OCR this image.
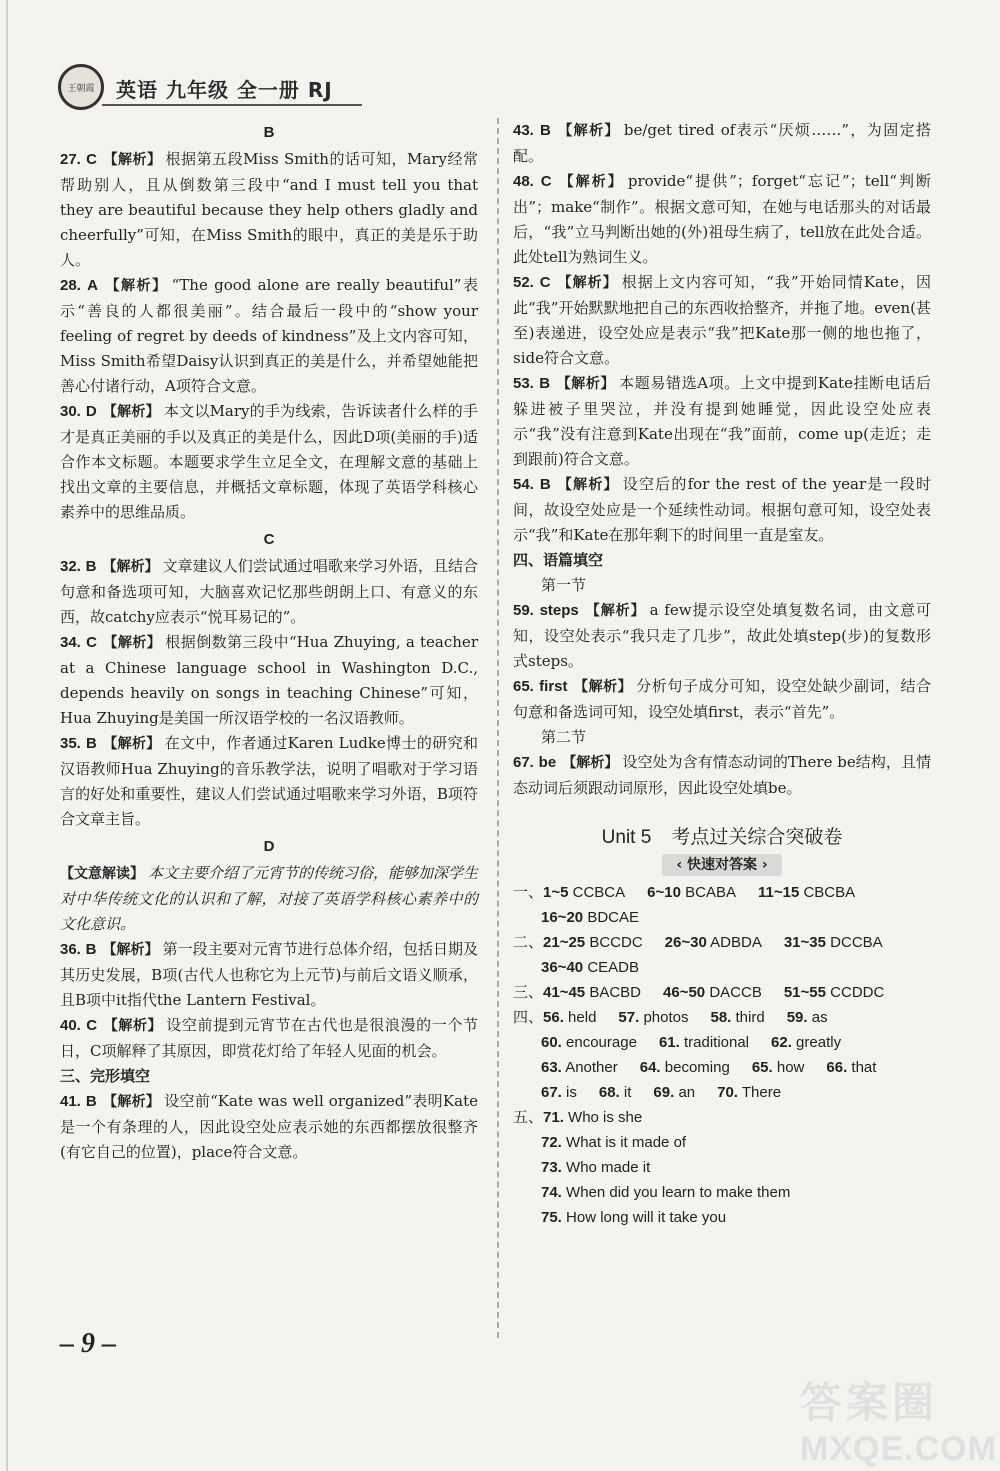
王朝霞 英语 九年级 全一册 RJ
B
27. C 【解析】 根据第五段Miss Smith的话可知，Mary经常帮助别人，且从倒数第三段中“and I must tell you that they are beautiful because they help others gladly and cheerfully”可知，在Miss Smith的眼中，真正的美是乐于助人。
28. A 【解析】 “The good alone are really beautiful”表示“善良的人都很美丽”。结合最后一段中的“show your feeling of regret by deeds of kindness”及上文内容可知，Miss Smith希望Daisy认识到真正的美是什么，并希望她能把善心付诸行动，A项符合文意。
30. D 【解析】 本文以Mary的手为线索，告诉读者什么样的手才是真正美丽的手以及真正的美是什么，因此D项(美丽的手)适合作本文标题。本题要求学生立足全文，在理解文意的基础上找出文章的主要信息，并概括文章标题，体现了英语学科核心素养中的思维品质。
C
32. B 【解析】 文章建议人们尝试通过唱歌来学习外语，且结合句意和备选项可知，大脑喜欢记忆那些朗朗上口、有意义的东西，故catchy应表示“悦耳易记的”。
34. C 【解析】 根据倒数第三段中“Hua Zhuying, a teacher at a Chinese language school in Washington D.C., depends heavily on songs in teaching Chinese”可知，Hua Zhuying是美国一所汉语学校的一名汉语教师。
35. B 【解析】 在文中，作者通过Karen Ludke博士的研究和汉语教师Hua Zhuying的音乐教学法，说明了唱歌对于学习语言的好处和重要性，建议人们尝试通过唱歌来学习外语，B项符合文章主旨。
D
【文意解读】 本文主要介绍了元宵节的传统习俗，能够加深学生对中华传统文化的认识和了解，对接了英语学科核心素养中的文化意识。
36. B 【解析】 第一段主要对元宵节进行总体介绍，包括日期及其历史发展，B项(古代人也称它为上元节)与前后文语义顺承，且B项中it指代the Lantern Festival。
40. C 【解析】 设空前提到元宵节在古代也是很浪漫的一个节日，C项解释了其原因，即赏花灯给了年轻人见面的机会。
三、完形填空
41. B 【解析】 设空前“Kate was well organized”表明Kate是一个有条理的人，因此设空处应表示她的东西都摆放很整齐(有它自己的位置)，place符合文意。
43. B 【解析】 be/get tired of表示“厌烦……”，为固定搭配。
48. C 【解析】 provide“提供”；forget“忘记”；tell“判断出”；make“制作”。根据文意可知，在她与电话那头的对话最后，“我”立马判断出她的(外)祖母生病了，tell放在此处合适。此处tell为熟词生义。
52. C 【解析】 根据上文内容可知，“我”开始同情Kate，因此“我”开始默默地把自己的东西收拾整齐，并拖了地。even(甚至)表递进，设空处应是表示“我”把Kate那一侧的地也拖了，side符合文意。
53. B 【解析】 本题易错选A项。上文中提到Kate挂断电话后躲进被子里哭泣，并没有提到她睡觉，因此设空处应表示“我”没有注意到Kate出现在“我”面前，come up(走近；走到跟前)符合文意。
54. B 【解析】 设空后的for the rest of the year是一段时间，故设空处应是一个延续性动词。根据句意可知，设空处表示“我”和Kate在那年剩下的时间里一直是室友。
四、语篇填空
第一节
59. steps 【解析】 a few提示设空处填复数名词，由文意可知，设空处表示“我只走了几步”，故此处填step(步)的复数形式steps。
65. first 【解析】 分析句子成分可知，设空处缺少副词，结合句意和备选词可知，设空处填first，表示“首先”。
第二节
67. be 【解析】 设空处为含有情态动词的There be结构，且情态动词后须跟动词原形，因此设空处填be。
Unit 5 考点过关综合突破卷
‹ 快速对答案 ›
一、1~5 CCBCA 6~10 BCABA 11~15 CBCBA
16~20 BDCAE
二、21~25 BCCDC 26~30 ADBDA 31~35 DCCBA
36~40 CEADB
三、41~45 BACBD 46~50 DACCB 51~55 CCDDC
四、56. held 57. photos 58. third 59. as
60. encourage 61. traditional 62. greatly
63. Another 64. becoming 65. how 66. that
67. is 68. it 69. an 70. There
五、71. Who is she
72. What is it made of
73. Who made it
74. When did you learn to make them
75. How long will it take you
– 9 –
答案圈
MXQE.COM
